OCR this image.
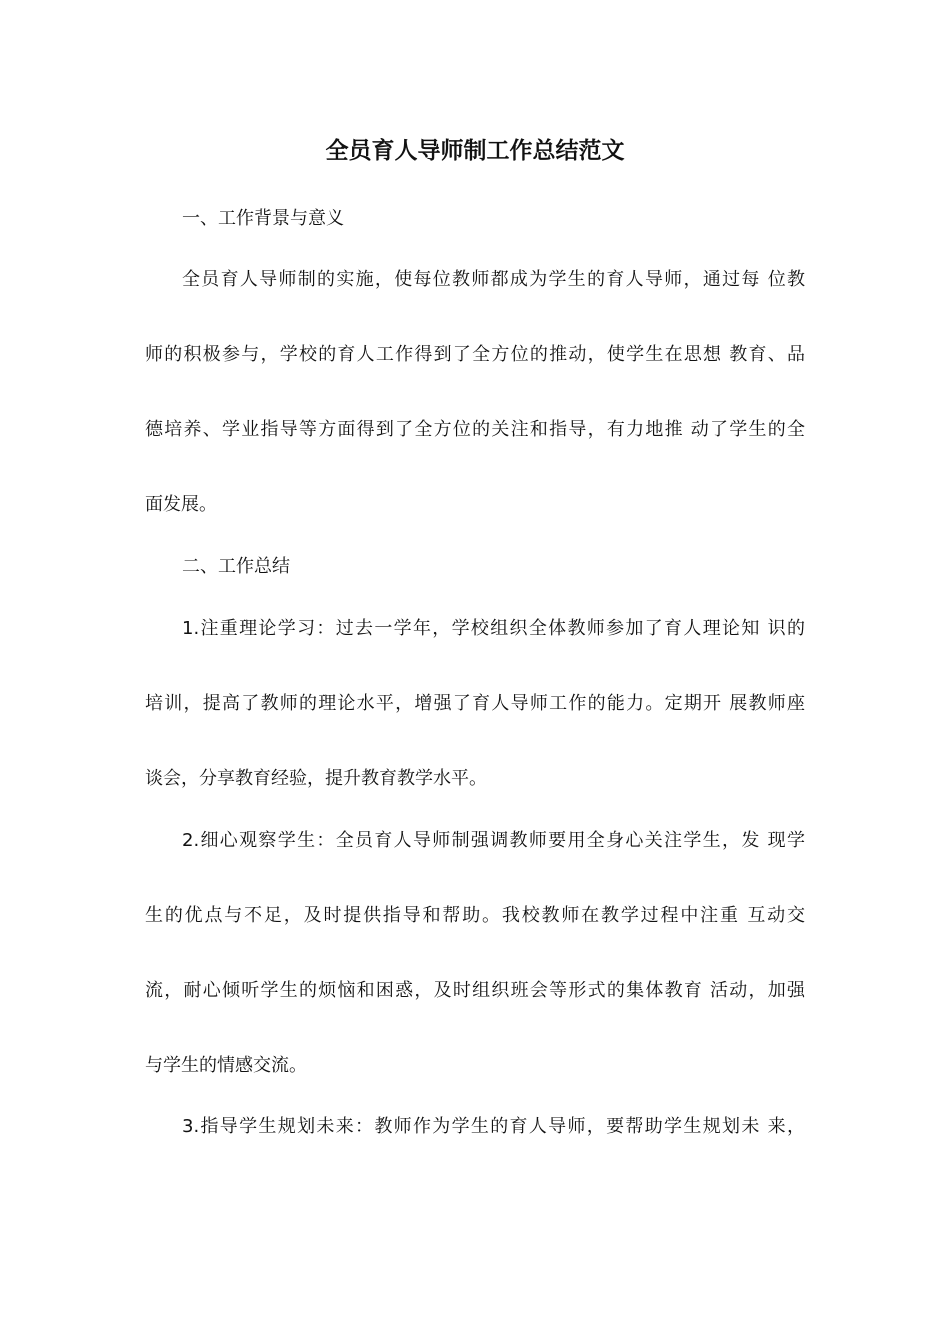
全员育人导师制工作总结范文

一、工作背景与意义

全员育人导师制的实施，使每位教师都成为学生的育人导师，通过每 位教

师的积极参与，学校的育人工作得到了全方位的推动，使学生在思想 教育、品

德培养、学业指导等方面得到了全方位的关注和指导，有力地推 动了学生的全

面发展。

二、工作总结

1.注重理论学习：过去一学年，学校组织全体教师参加了育人理论知 识的

培训，提高了教师的理论水平，增强了育人导师工作的能力。定期开 展教师座

谈会，分享教育经验，提升教育教学水平。

2.细心观察学生：全员育人导师制强调教师要用全身心关注学生，发 现学

生的优点与不足，及时提供指导和帮助。我校教师在教学过程中注重 互动交

流，耐心倾听学生的烦恼和困惑，及时组织班会等形式的集体教育 活动，加强

与学生的情感交流。

3.指导学生规划未来：教师作为学生的育人导师，要帮助学生规划未 来，
